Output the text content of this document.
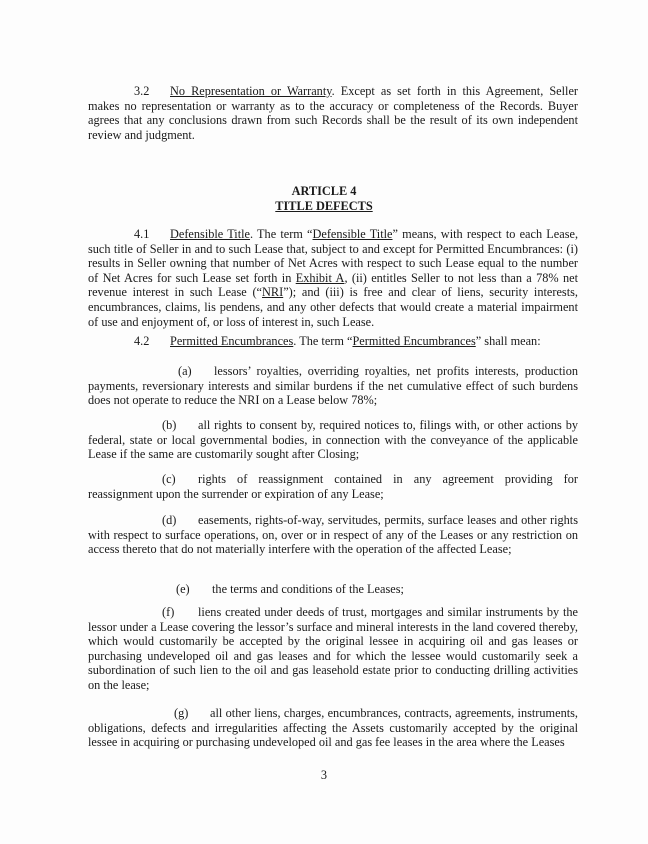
3.2 No Representation or Warranty. Except as set forth in this Agreement, Seller makes no representation or warranty as to the accuracy or completeness of the Records. Buyer agrees that any conclusions drawn from such Records shall be the result of its own independent review and judgment.

ARTICLE 4

TITLE DEFECTS

4.1 Defensible Title. The term “Defensible Title” means, with respect to each Lease, such title of Seller in and to such Lease that, subject to and except for Permitted Encumbrances: (i) results in Seller owning that number of Net Acres with respect to such Lease equal to the number of Net Acres for such Lease set forth in Exhibit A, (ii) entitles Seller to not less than a 78% net revenue interest in such Lease (“NRI”); and (iii) is free and clear of liens, security interests, encumbrances, claims, lis pendens, and any other defects that would create a material impairment of use and enjoyment of, or loss of interest in, such Lease.

4.2 Permitted Encumbrances. The term “Permitted Encumbrances” shall mean:

(a) lessors’ royalties, overriding royalties, net profits interests, production payments, reversionary interests and similar burdens if the net cumulative effect of such burdens does not operate to reduce the NRI on a Lease below 78%;

(b) all rights to consent by, required notices to, filings with, or other actions by federal, state or local governmental bodies, in connection with the conveyance of the applicable Lease if the same are customarily sought after Closing;

(c) rights of reassignment contained in any agreement providing for reassignment upon the surrender or expiration of any Lease;

(d) easements, rights-of-way, servitudes, permits, surface leases and other rights with respect to surface operations, on, over or in respect of any of the Leases or any restriction on access thereto that do not materially interfere with the operation of the affected Lease;

(e) the terms and conditions of the Leases;

(f) liens created under deeds of trust, mortgages and similar instruments by the lessor under a Lease covering the lessor’s surface and mineral interests in the land covered thereby, which would customarily be accepted by the original lessee in acquiring oil and gas leases or purchasing undeveloped oil and gas leases and for which the lessee would customarily seek a subordination of such lien to the oil and gas leasehold estate prior to conducting drilling activities on the lease;

(g) all other liens, charges, encumbrances, contracts, agreements, instruments, obligations, defects and irregularities affecting the Assets customarily accepted by the original lessee in acquiring or purchasing undeveloped oil and gas fee leases in the area where the Leases

3
